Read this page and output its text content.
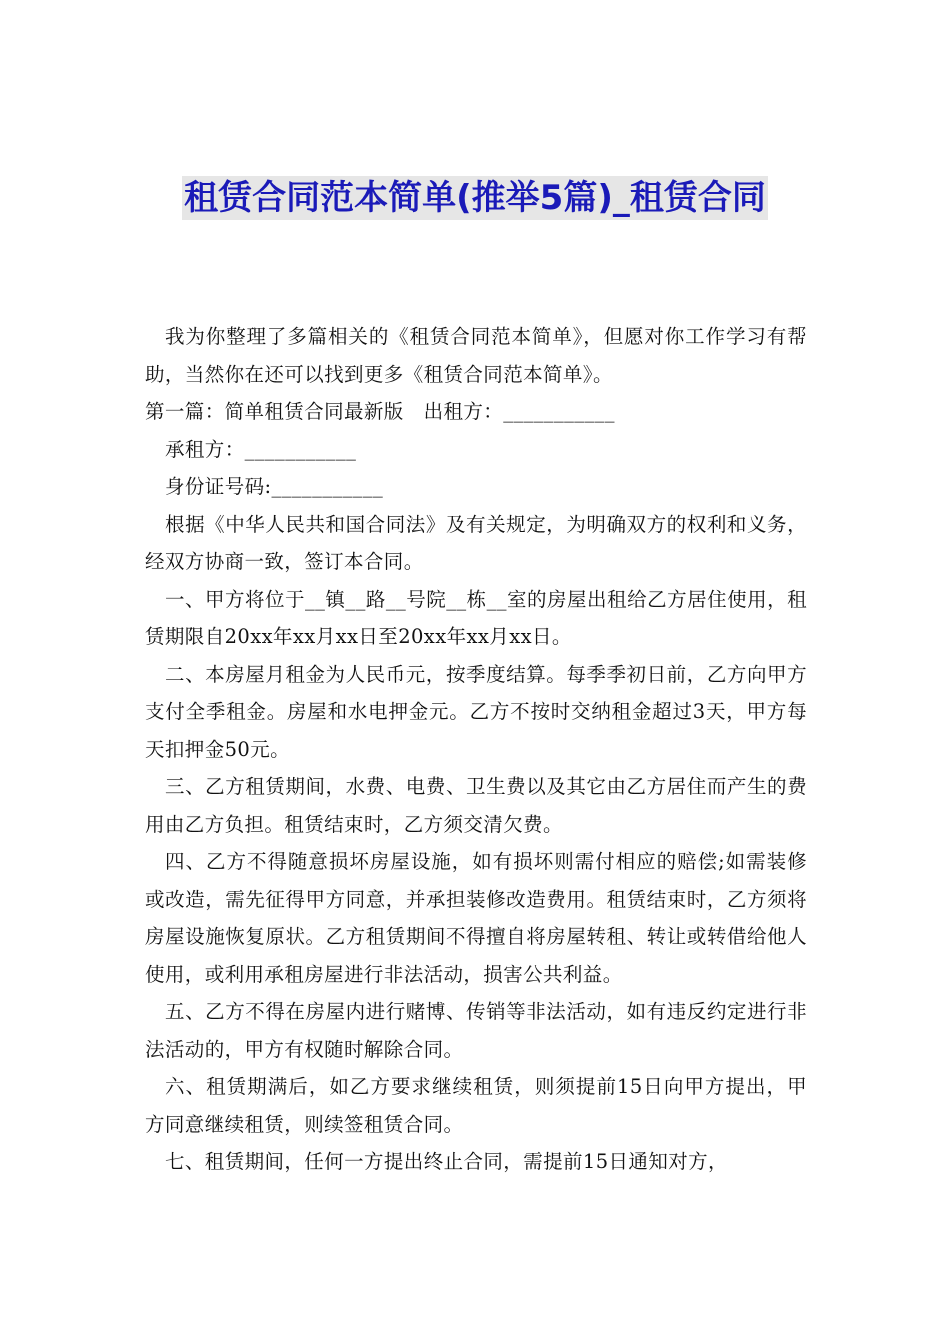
租赁合同范本简单(推举5篇)_租赁合同

我为你整理了多篇相关的《租赁合同范本简单》，但愿对你工作学习有帮助，当然你在还可以找到更多《租赁合同范本简单》。

第一篇：简单租赁合同最新版　出租方：___________

承租方：___________

身份证号码:___________

根据《中华人民共和国合同法》及有关规定，为明确双方的权利和义务，经双方协商一致，签订本合同。

一、甲方将位于__镇__路__号院__栋__室的房屋出租给乙方居住使用，租赁期限自20xx年xx月xx日至20xx年xx月xx日。

二、本房屋月租金为人民币元，按季度结算。每季季初日前，乙方向甲方支付全季租金。房屋和水电押金元。乙方不按时交纳租金超过3天，甲方每天扣押金50元。

三、乙方租赁期间，水费、电费、卫生费以及其它由乙方居住而产生的费用由乙方负担。租赁结束时，乙方须交清欠费。

四、乙方不得随意损坏房屋设施，如有损坏则需付相应的赔偿;如需装修或改造，需先征得甲方同意，并承担装修改造费用。租赁结束时，乙方须将房屋设施恢复原状。乙方租赁期间不得擅自将房屋转租、转让或转借给他人使用，或利用承租房屋进行非法活动，损害公共利益。

五、乙方不得在房屋内进行赌博、传销等非法活动，如有违反约定进行非法活动的，甲方有权随时解除合同。

六、租赁期满后，如乙方要求继续租赁，则须提前15日向甲方提出，甲方同意继续租赁，则续签租赁合同。

七、租赁期间，任何一方提出终止合同，需提前15日通知对方，
